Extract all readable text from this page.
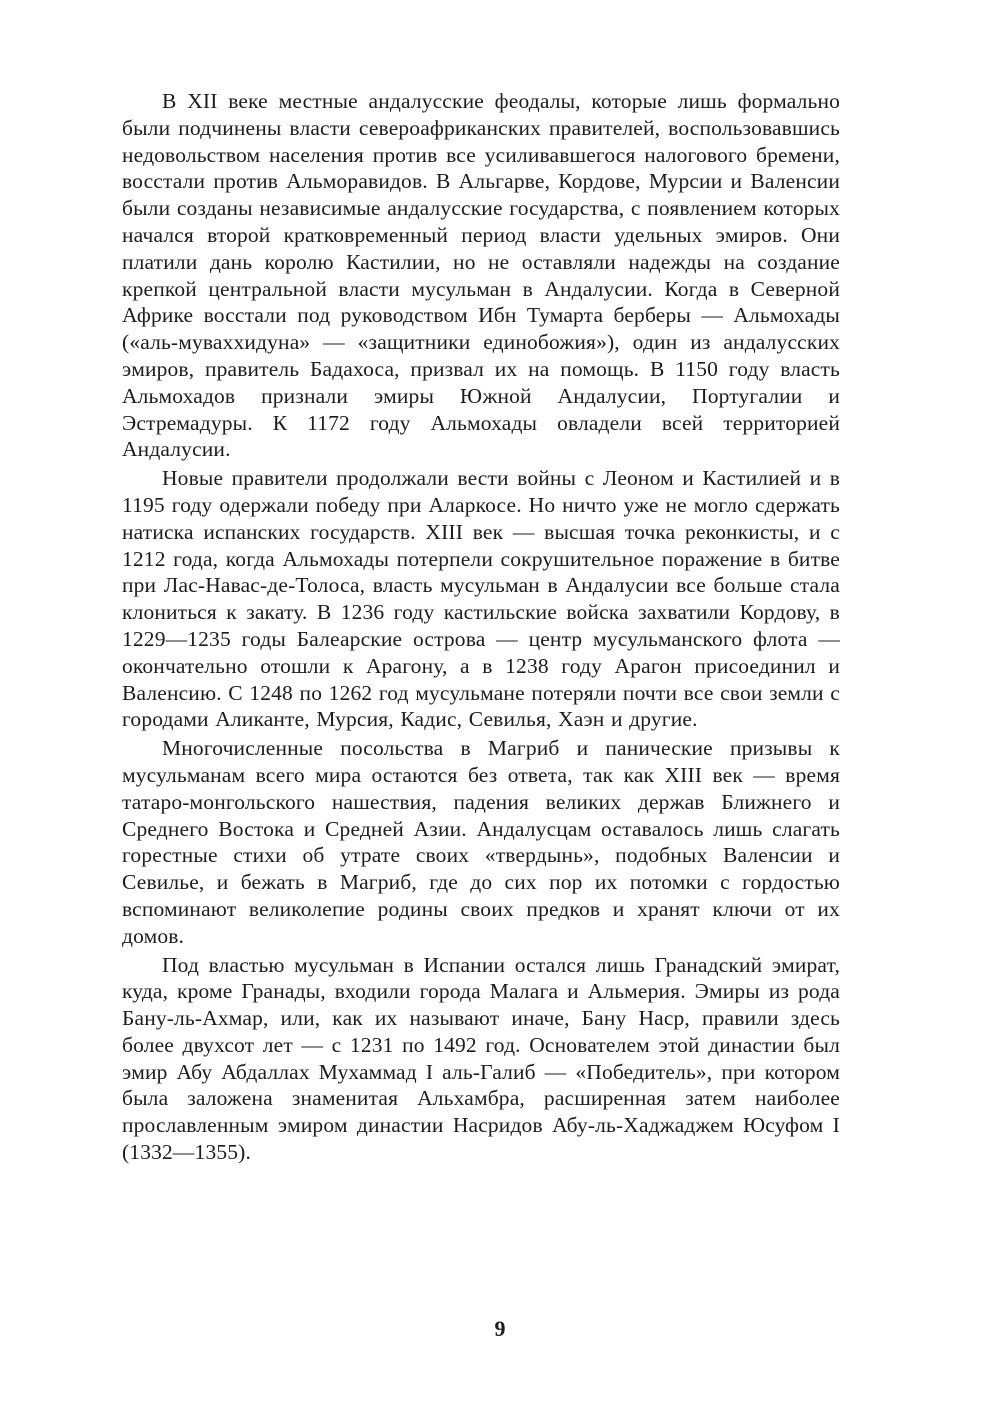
В XII веке местные андалусские феодалы, которые лишь формально были подчинены власти североафриканских правителей, воспользовавшись недовольством населения против все усиливавшегося налогового бремени, восстали против Альморавидов. В Альгарве, Кордове, Мурсии и Валенсии были созданы независимые андалусские государства, с появлением которых начался второй кратковременный период власти удельных эмиров. Они платили дань королю Кастилии, но не оставляли надежды на создание крепкой центральной власти мусульман в Андалусии. Когда в Северной Африке восстали под руководством Ибн Тумарта берберы — Альмохады («аль-муваххидуна» — «защитники единобожия»), один из андалусских эмиров, правитель Бадахоса, призвал их на помощь. В 1150 году власть Альмохадов признали эмиры Южной Андалусии, Португалии и Эстремадуры. К 1172 году Альмохады овладели всей территорией Андалусии.

Новые правители продолжали вести войны с Леоном и Кастилией и в 1195 году одержали победу при Аларкосе. Но ничто уже не могло сдержать натиска испанских государств. XIII век — высшая точка реконкисты, и с 1212 года, когда Альмохады потерпели сокрушительное поражение в битве при Лас-Навас-де-Толоса, власть мусульман в Андалусии все больше стала клониться к закату. В 1236 году кастильские войска захватили Кордову, в 1229—1235 годы Балеарские острова — центр мусульманского флота — окончательно отошли к Арагону, а в 1238 году Арагон присоединил и Валенсию. С 1248 по 1262 год мусульмане потеряли почти все свои земли с городами Аликанте, Мурсия, Кадис, Севилья, Хаэн и другие.

Многочисленные посольства в Магриб и панические призывы к мусульманам всего мира остаются без ответа, так как XIII век — время татаро-монгольского нашествия, падения великих держав Ближнего и Среднего Востока и Средней Азии. Андалусцам оставалось лишь слагать горестные стихи об утрате своих «твердынь», подобных Валенсии и Севилье, и бежать в Магриб, где до сих пор их потомки с гордостью вспоминают великолепие родины своих предков и хранят ключи от их домов.

Под властью мусульман в Испании остался лишь Гранадский эмират, куда, кроме Гранады, входили города Малага и Альмерия. Эмиры из рода Бану-ль-Ахмар, или, как их называют иначе, Бану Наср, правили здесь более двухсот лет — с 1231 по 1492 год. Основателем этой династии был эмир Абу Абдаллах Мухаммад I аль-Галиб — «Победитель», при котором была заложена знаменитая Альхамбра, расширенная затем наиболее прославленным эмиром династии Насридов Абу-ль-Хаджаджем Юсуфом I (1332—1355).

9
